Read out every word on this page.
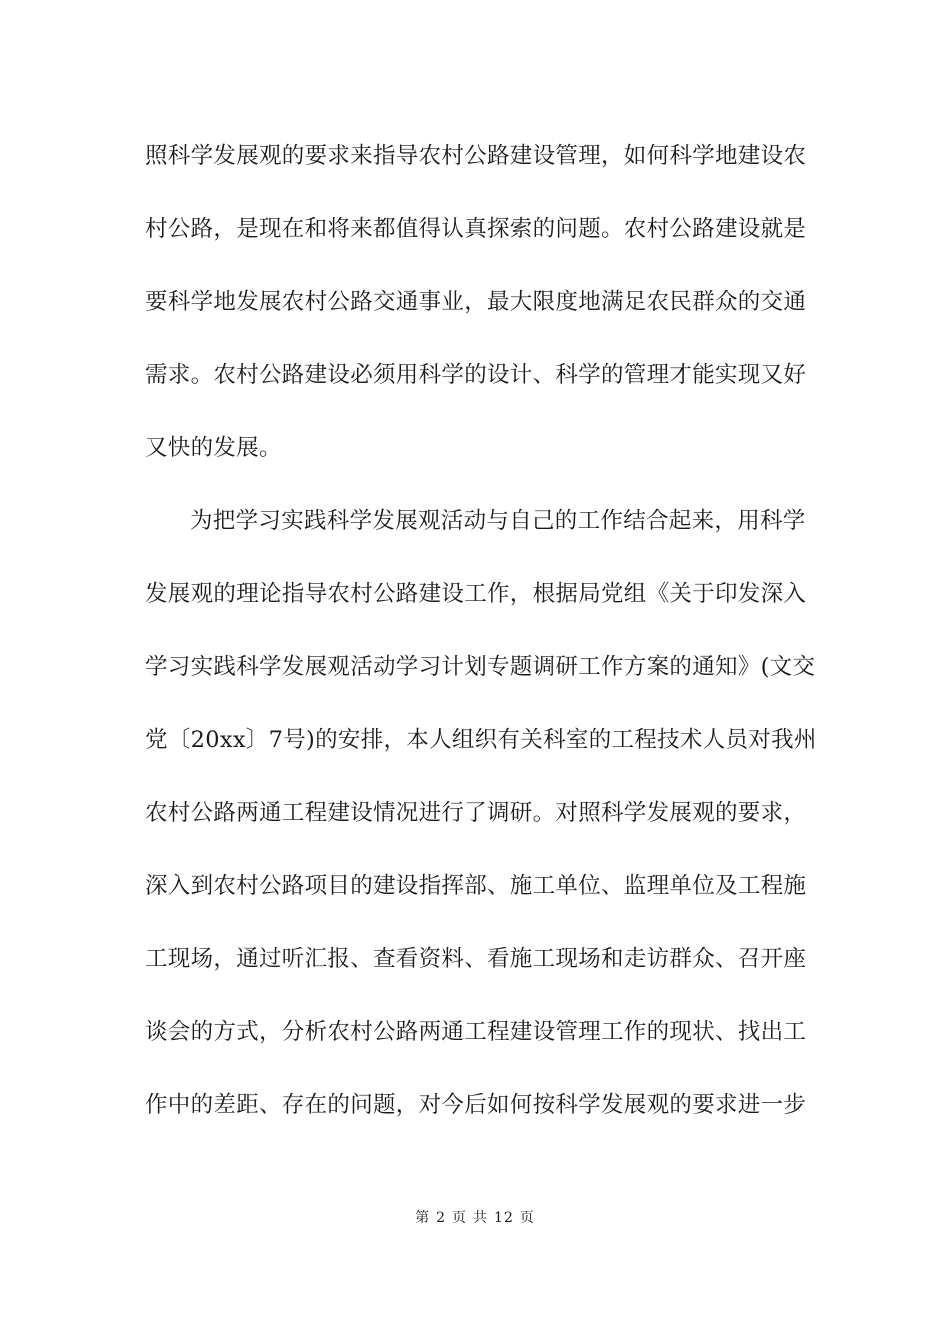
照科学发展观的要求来指导农村公路建设管理，如何科学地建设农
村公路，是现在和将来都值得认真探索的问题。农村公路建设就是
要科学地发展农村公路交通事业，最大限度地满足农民群众的交通
需求。农村公路建设必须用科学的设计、科学的管理才能实现又好
又快的发展。
为把学习实践科学发展观活动与自己的工作结合起来，用科学
发展观的理论指导农村公路建设工作，根据局党组《关于印发深入
学习实践科学发展观活动学习计划专题调研工作方案的通知》(文交
党〔20xx〕7号)的安排，本人组织有关科室的工程技术人员对我州
农村公路两通工程建设情况进行了调研。对照科学发展观的要求，
深入到农村公路项目的建设指挥部、施工单位、监理单位及工程施
工现场，通过听汇报、查看资料、看施工现场和走访群众、召开座
谈会的方式，分析农村公路两通工程建设管理工作的现状、找出工
作中的差距、存在的问题，对今后如何按科学发展观的要求进一步
第 2 页 共 12 页
